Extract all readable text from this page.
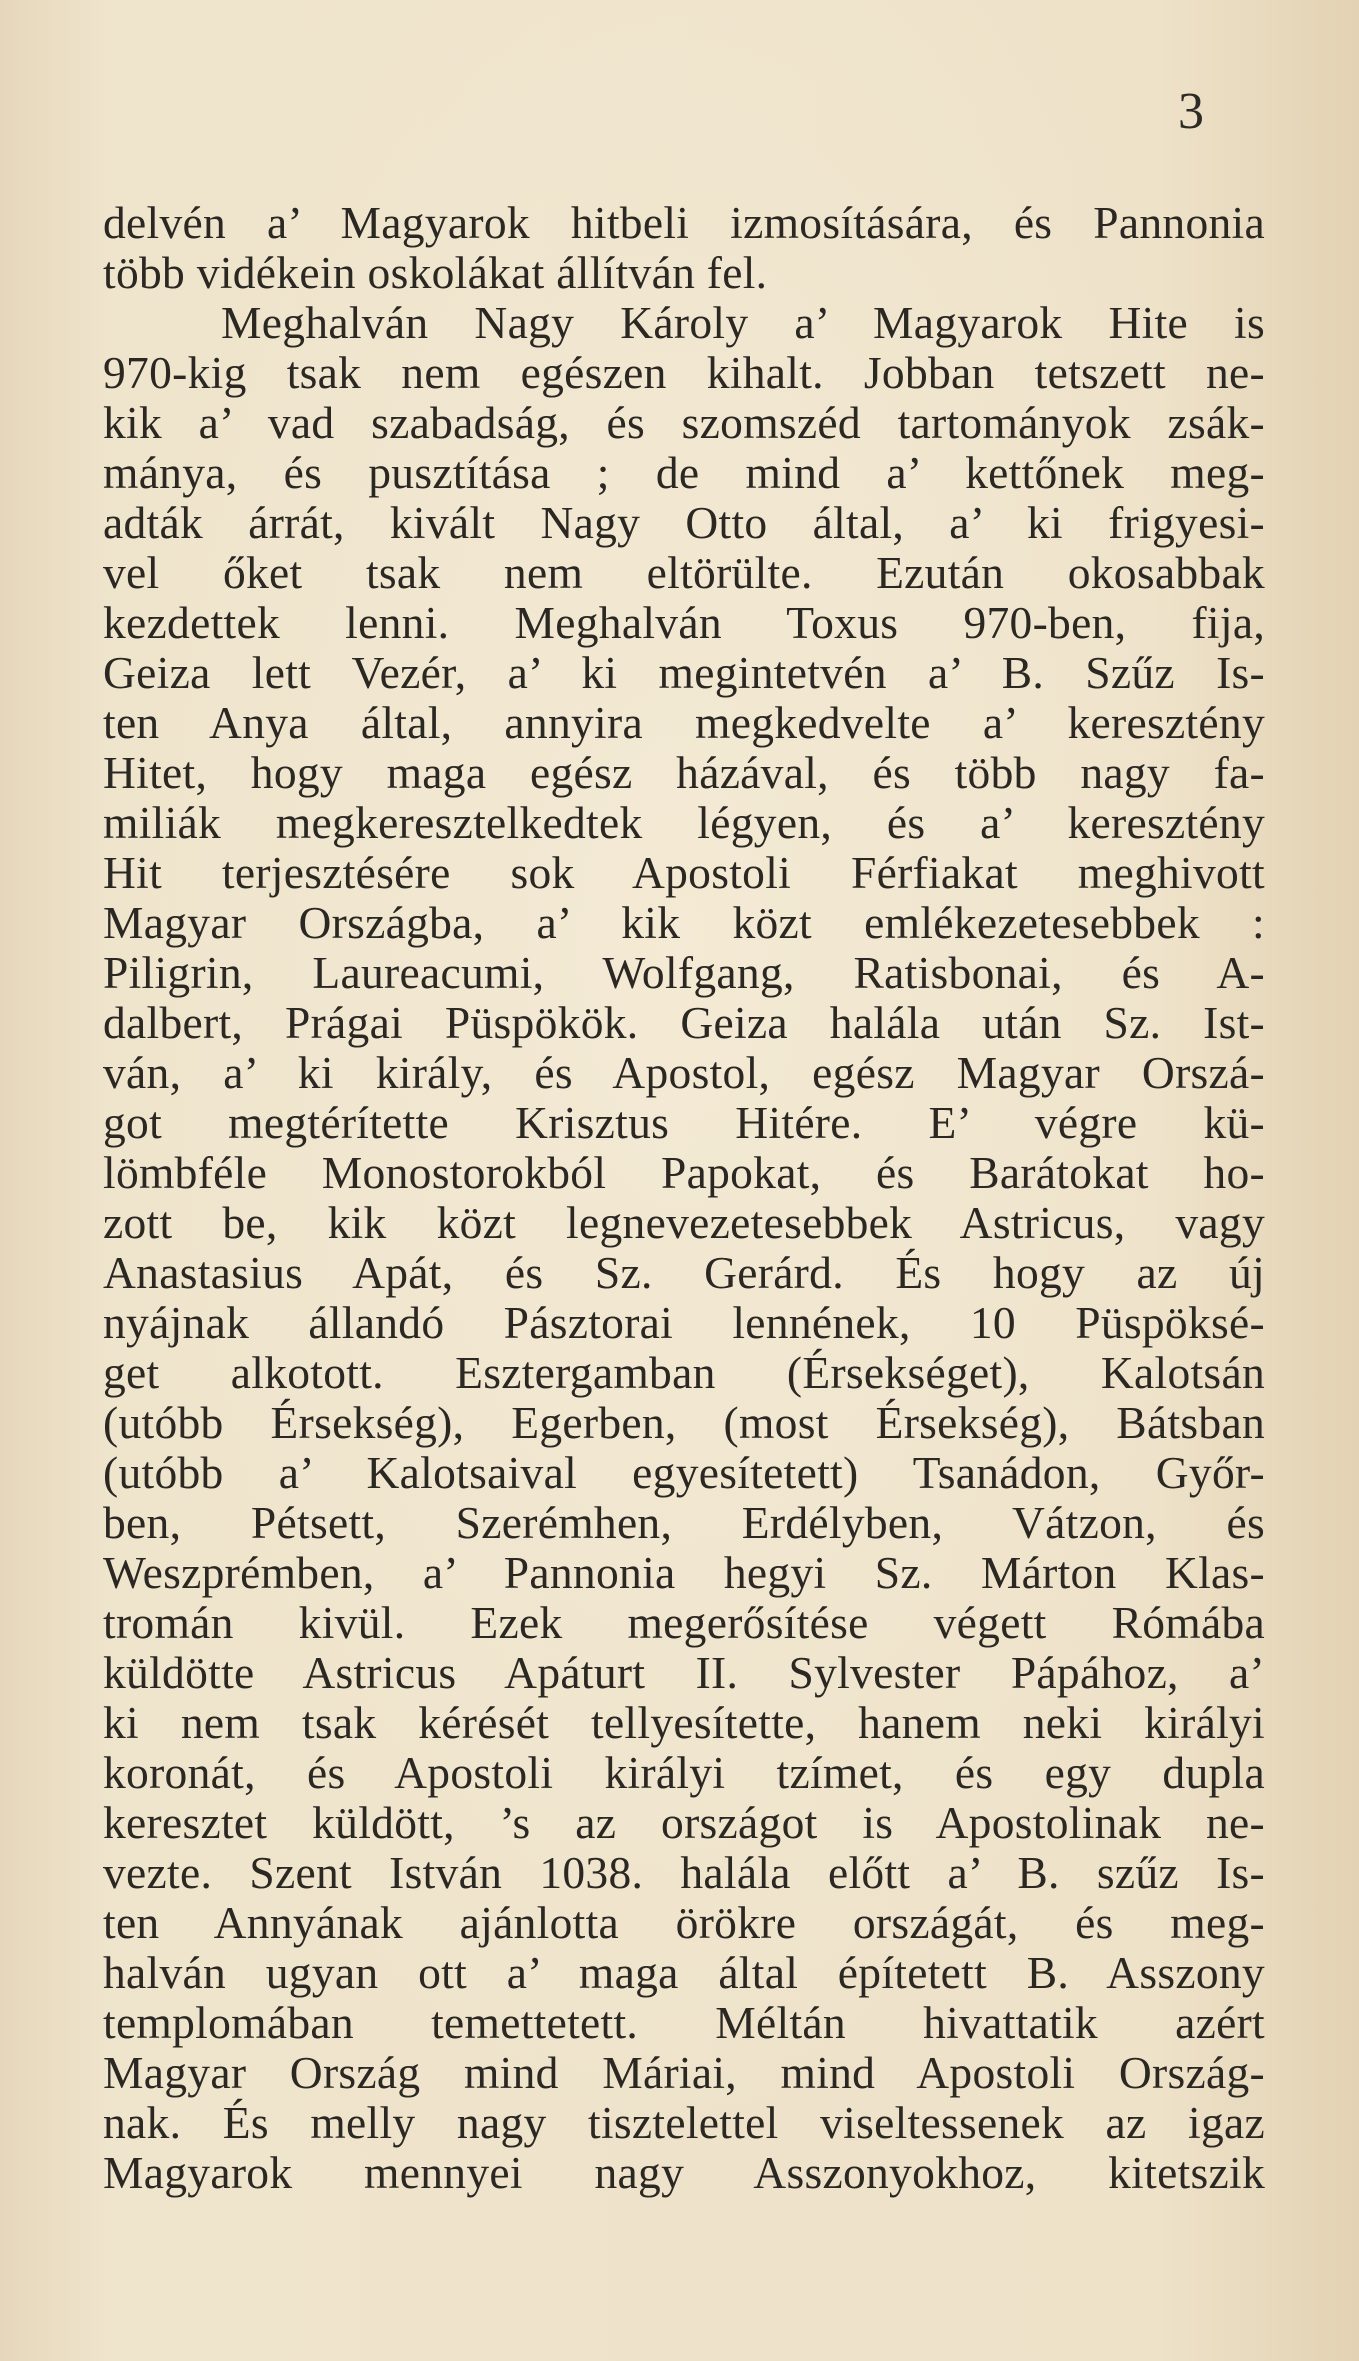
3
delvén a’ Magyarok hitbeli izmosítására, és Pannonia
több vidékein oskolákat állítván fel.
Meghalván Nagy Károly a’ Magyarok Hite is
970-kig tsak nem egészen kihalt. Jobban tetszett ne-
kik a’ vad szabadság, és szomszéd tartományok zsák-
mánya, és pusztítása ; de mind a’ kettőnek meg-
adták árrát, kivált Nagy Otto által, a’ ki frigyesi-
vel őket tsak nem eltörülte. Ezután okosabbak
kezdettek lenni. Meghalván Toxus 970-ben, fija,
Geiza lett Vezér, a’ ki megintetvén a’ B. Szűz Is-
ten Anya által, annyira megkedvelte a’ keresztény
Hitet, hogy maga egész házával, és több nagy fa-
miliák megkeresztelkedtek légyen, és a’ keresztény
Hit terjesztésére sok Apostoli Férfiakat meghivott
Magyar Országba, a’ kik közt emlékezetesebbek :
Piligrin, Laureacumi, Wolfgang, Ratisbonai, és A-
dalbert, Prágai Püspökök. Geiza halála után Sz. Ist-
ván, a’ ki király, és Apostol, egész Magyar Orszá-
got megtérítette Krisztus Hitére. E’ végre kü-
lömbféle Monostorokból Papokat, és Barátokat ho-
zott be, kik közt legnevezetesebbek Astricus, vagy
Anastasius Apát, és Sz. Gerárd. És hogy az új
nyájnak állandó Pásztorai lennének, 10 Püspöksé-
get alkotott. Esztergamban (Érsekséget), Kalotsán
(utóbb Érsekség), Egerben, (most Érsekség), Bátsban
(utóbb a’ Kalotsaival egyesítetett) Tsanádon, Győr-
ben, Pétsett, Szerémhen, Erdélyben, Vátzon, és
Weszprémben, a’ Pannonia hegyi Sz. Márton Klas-
tromán kivül. Ezek megerősítése végett Rómába
küldötte Astricus Apáturt II. Sylvester Pápához, a’
ki nem tsak kérését tellyesítette, hanem neki királyi
koronát, és Apostoli királyi tzímet, és egy dupla
keresztet küldött, ’s az országot is Apostolinak ne-
vezte. Szent István 1038. halála előtt a’ B. szűz Is-
ten Annyának ajánlotta örökre országát, és meg-
halván ugyan ott a’ maga által építetett B. Asszony
templomában temettetett. Méltán hivattatik azért
Magyar Ország mind Máriai, mind Apostoli Ország-
nak. És melly nagy tisztelettel viseltessenek az igaz
Magyarok mennyei nagy Asszonyokhoz, kitetszik
